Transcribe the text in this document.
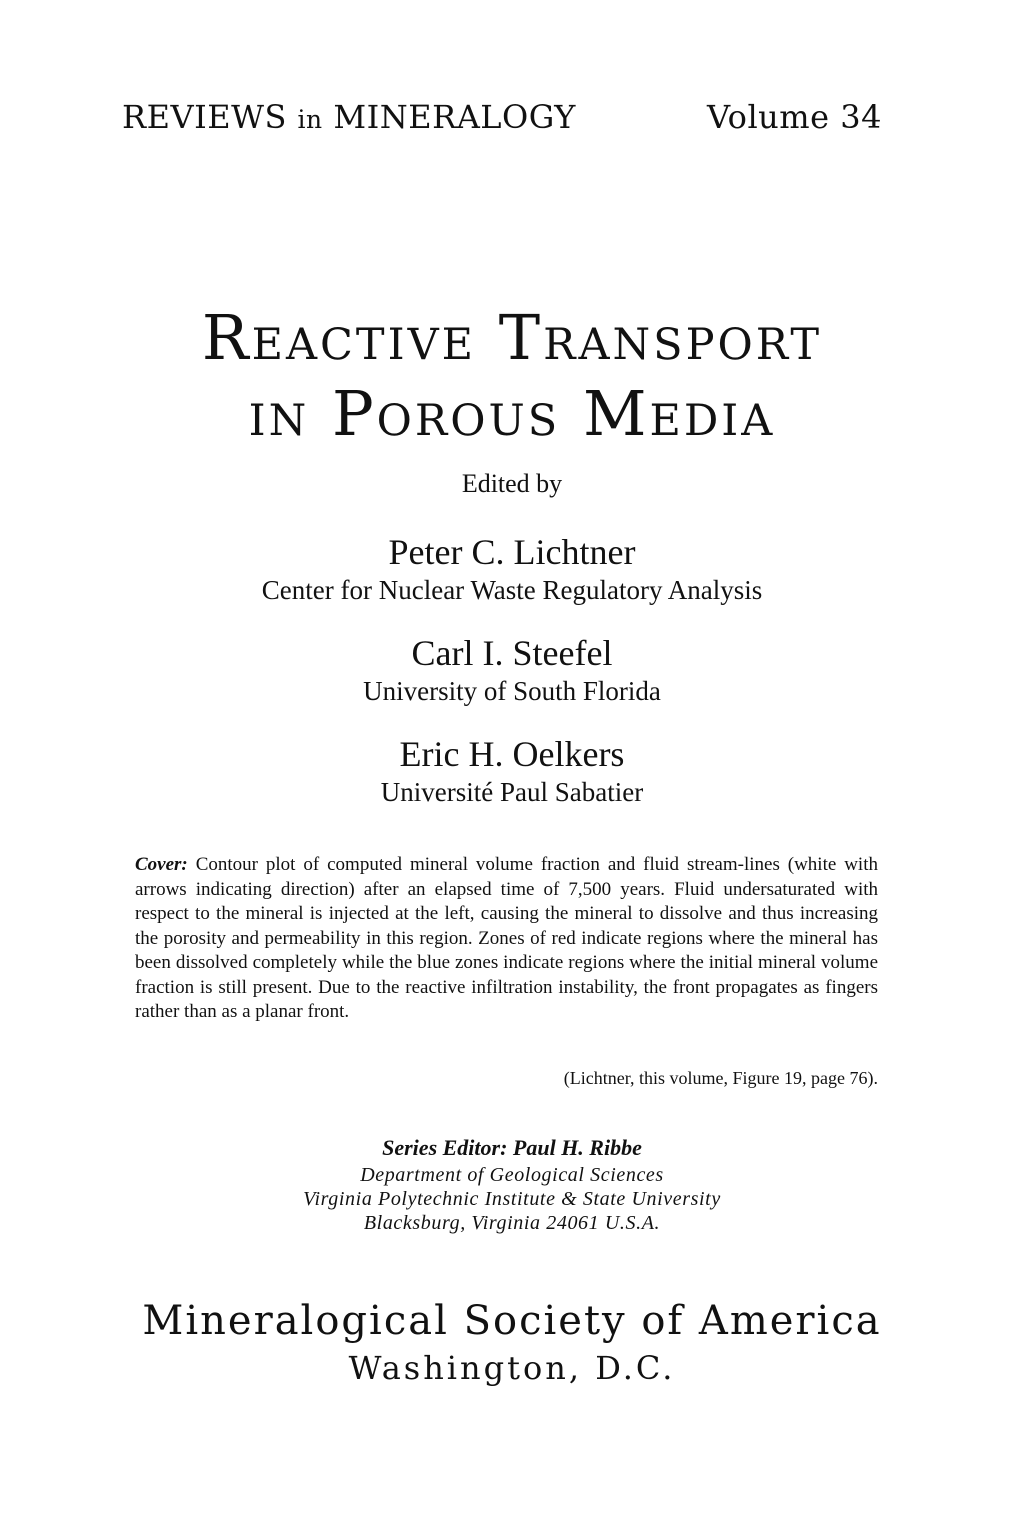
REVIEWS in MINERALOGY	Volume 34
Reactive Transport
in Porous Media
Edited by
Peter C. Lichtner
Center for Nuclear Waste Regulatory Analysis
Carl I. Steefel
University of South Florida
Eric H. Oelkers
Université Paul Sabatier

Cover: Contour plot of computed mineral volume fraction and fluid stream-lines (white with arrows indicating direction) after an elapsed time of 7,500 years. Fluid undersaturated with respect to the mineral is injected at the left, causing the mineral to dissolve and thus increasing the porosity and permeability in this region. Zones of red indicate regions where the mineral has been dissolved completely while the blue zones indicate regions where the initial mineral volume fraction is still present. Due to the reactive infiltration instability, the front propagates as fingers rather than as a planar front.

(Lichtner, this volume, Figure 19, page 76).
Series Editor: Paul H. Ribbe
Department of Geological Sciences
Virginia Polytechnic Institute & State University
Blacksburg, Virginia 24061 U.S.A.
Mineralogical Society of America
Washington, D.C.
